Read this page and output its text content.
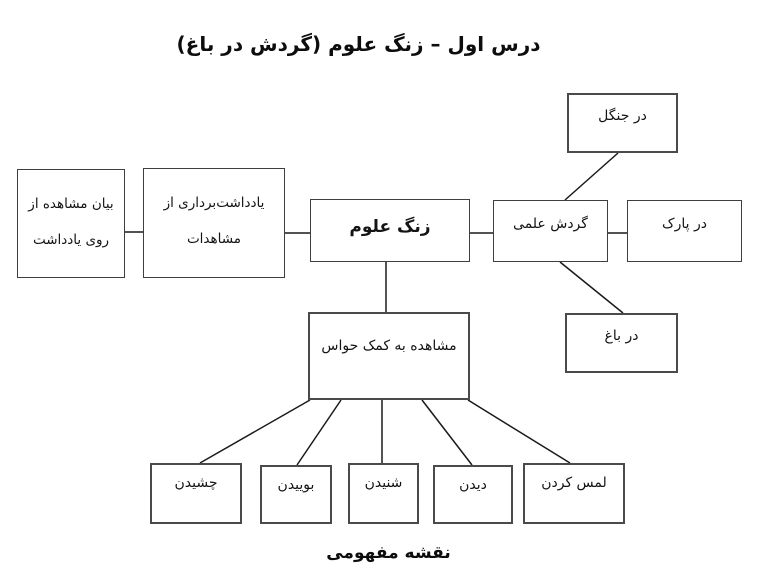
درس اول – زنگ علوم (گردش در باغ)
در جنگل
بیان مشاهده از
روی یادداشت
یادداشت‌برداری از
مشاهدات
زنگ علوم	گردش علمی	در پارک
در باغ
مشاهده به کمک حواس
چشیدن	بوییدن	شنیدن	دیدن	لمس کردن
نقشه مفهومی
